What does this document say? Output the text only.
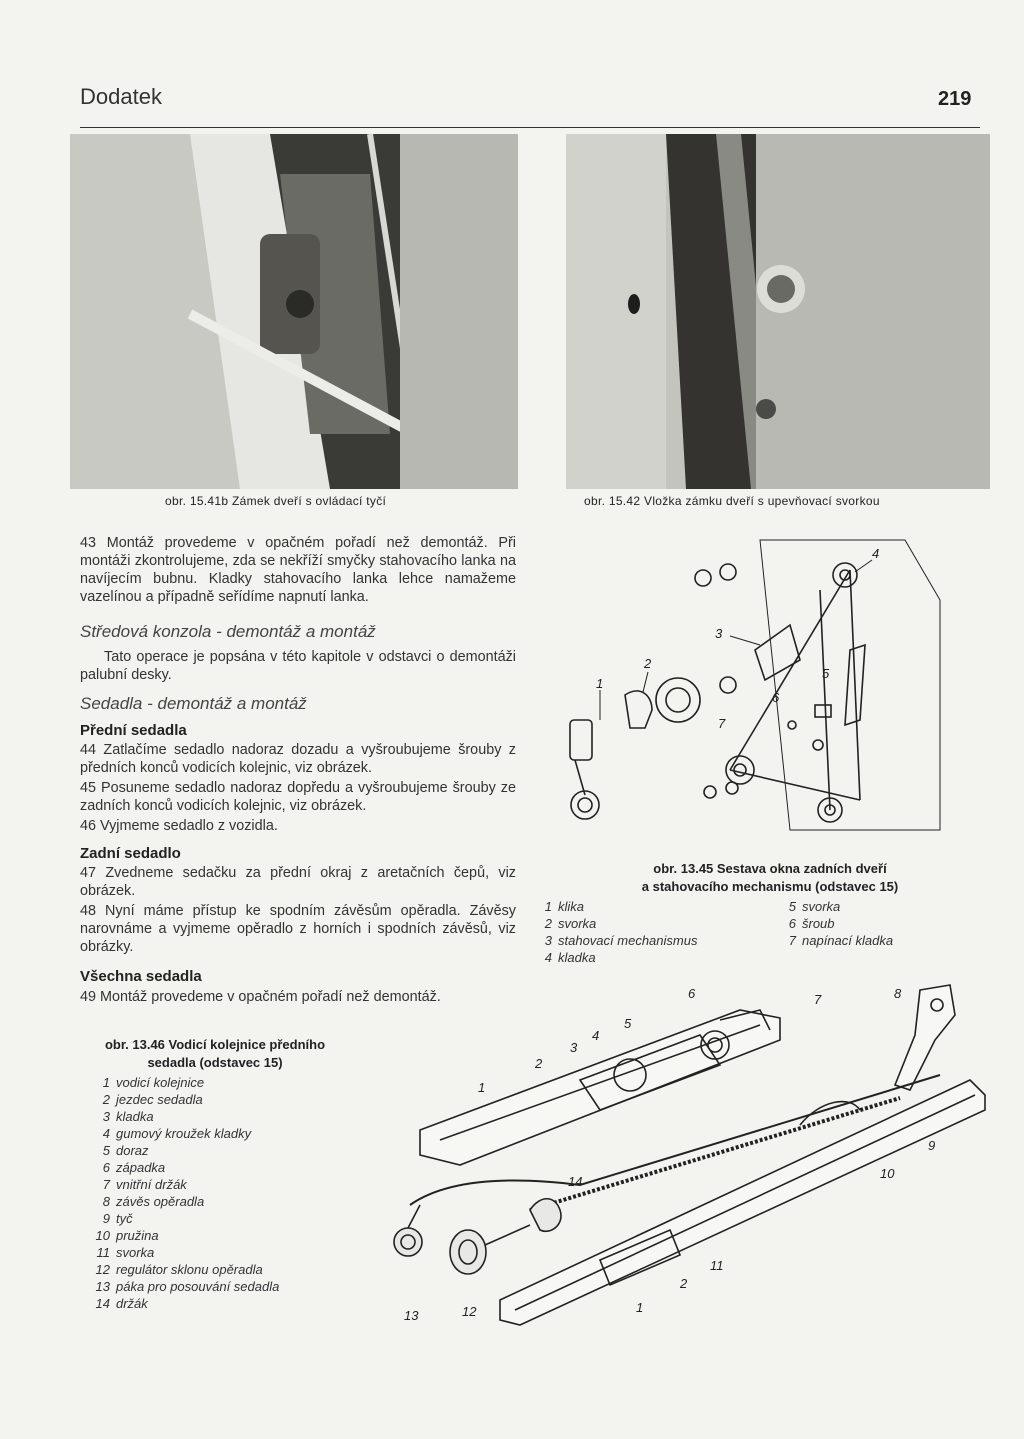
Dodatek	219
obr. 15.41b Zámek dveří s ovládací tyčí	obr. 15.42 Vložka zámku dveří s upevňovací svorkou
43 Montáž provedeme v opačném pořadí než demontáž. Při montáži zkontrolujeme, zda se nekříží smyčky stahovacího lanka na navíjecím bubnu. Kladky stahovacího lanka lehce namažeme vazelínou a případně seřídíme napnutí lanka.
Středová konzola - demontáž a montáž
Tato operace je popsána v této kapitole v odstavci o demontáži palubní desky.
Sedadla - demontáž a montáž
Přední sedadla
44 Zatlačíme sedadlo nadoraz dozadu a vyšroubujeme šrouby z předních konců vodicích kolejnic, viz obrázek.
45 Posuneme sedadlo nadoraz dopředu a vyšroubujeme šrouby ze zadních konců vodicích kolejnic, viz obrázek.
46 Vyjmeme sedadlo z vozidla.
Zadní sedadlo
47 Zvedneme sedačku za přední okraj z aretačních čepů, viz obrázek.
48 Nyní máme přístup ke spodním závěsům opěradla. Závěsy narovnáme a vyjmeme opěradlo z horních i spodních závěsů, viz obrázky.
Všechna sedadla
49 Montáž provedeme v opačném pořadí než demontáž.
1
2
3
4
5
6
7
obr. 13.45 Sestava okna zadních dveří
a stahovacího mechanismu (odstavec 15)
1 klika
2 svorka
3 stahovací mechanismus
4 kladka
5 svorka
6 šroub
7 napínací kladka
obr. 13.46 Vodicí kolejnice předního
sedadla (odstavec 15)
1 vodicí kolejnice
2 jezdec sedadla
3 kladka
4 gumový kroužek kladky
5 doraz
6 západka
7 vnitřní držák
8 závěs opěradla
9 tyč
10 pružina
11 svorka
12 regulátor sklonu opěradla
13 páka pro posouvání sedadla
14 držák
1
2
3
4
5
6	7	8
9
10
11
12
13
14
1
2
